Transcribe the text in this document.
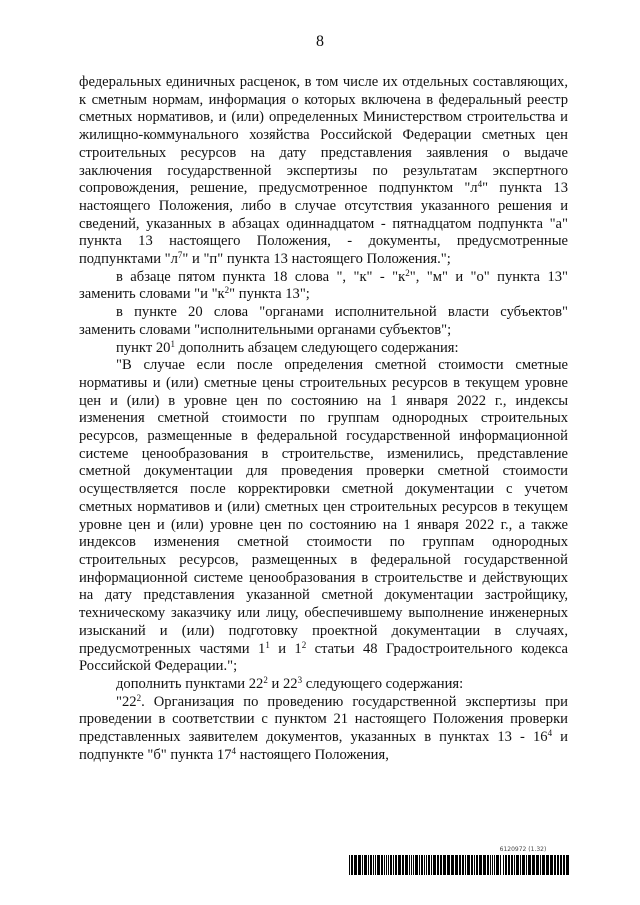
8

федеральных единичных расценок, в том числе их отдельных составляющих, к сметным нормам, информация о которых включена в федеральный реестр сметных нормативов, и (или) определенных Министерством строительства и жилищно-коммунального хозяйства Российской Федерации сметных цен строительных ресурсов на дату представления заявления о выдаче заключения государственной экспертизы по результатам экспертного сопровождения, решение, предусмотренное подпунктом "$л^4$" пункта 13 настоящего Положения, либо в случае отсутствия указанного решения и сведений, указанных в абзацах одиннадцатом - пятнадцатом подпункта "а" пункта 13 настоящего Положения, - документы, предусмотренные подпунктами "$л^7$" и "п" пункта 13 настоящего Положения.";

в абзаце пятом пункта 18 слова ", "к" - "$к^2$", "м" и "о" пункта 13" заменить словами "и "$к^2$" пункта 13";

в пункте 20 слова "органами исполнительной власти субъектов" заменить словами "исполнительными органами субъектов";

пункт $20^1$ дополнить абзацем следующего содержания:

"В случае если после определения сметной стоимости сметные нормативы и (или) сметные цены строительных ресурсов в текущем уровне цен и (или) в уровне цен по состоянию на 1 января 2022 г., индексы изменения сметной стоимости по группам однородных строительных ресурсов, размещенные в федеральной государственной информационной системе ценообразования в строительстве, изменились, представление сметной документации для проведения проверки сметной стоимости осуществляется после корректировки сметной документации с учетом сметных нормативов и (или) сметных цен строительных ресурсов в текущем уровне цен и (или) уровне цен по состоянию на 1 января 2022 г., а также индексов изменения сметной стоимости по группам однородных строительных ресурсов, размещенных в федеральной государственной информационной системе ценообразования в строительстве и действующих на дату представления указанной сметной документации застройщику, техническому заказчику или лицу, обеспечившему выполнение инженерных изысканий и (или) подготовку проектной документации в случаях, предусмотренных частями $1^1$ и $1^2$ статьи 48 Градостроительного кодекса Российской Федерации.";

дополнить пунктами $22^2$ и $22^3$ следующего содержания:

"$22^2$. Организация по проведению государственной экспертизы при проведении в соответствии с пунктом 21 настоящего Положения проверки представленных заявителем документов, указанных в пунктах $13 - 16^4$ и подпункте "б" пункта $17^4$ настоящего Положения,

6120972 (1.32)
